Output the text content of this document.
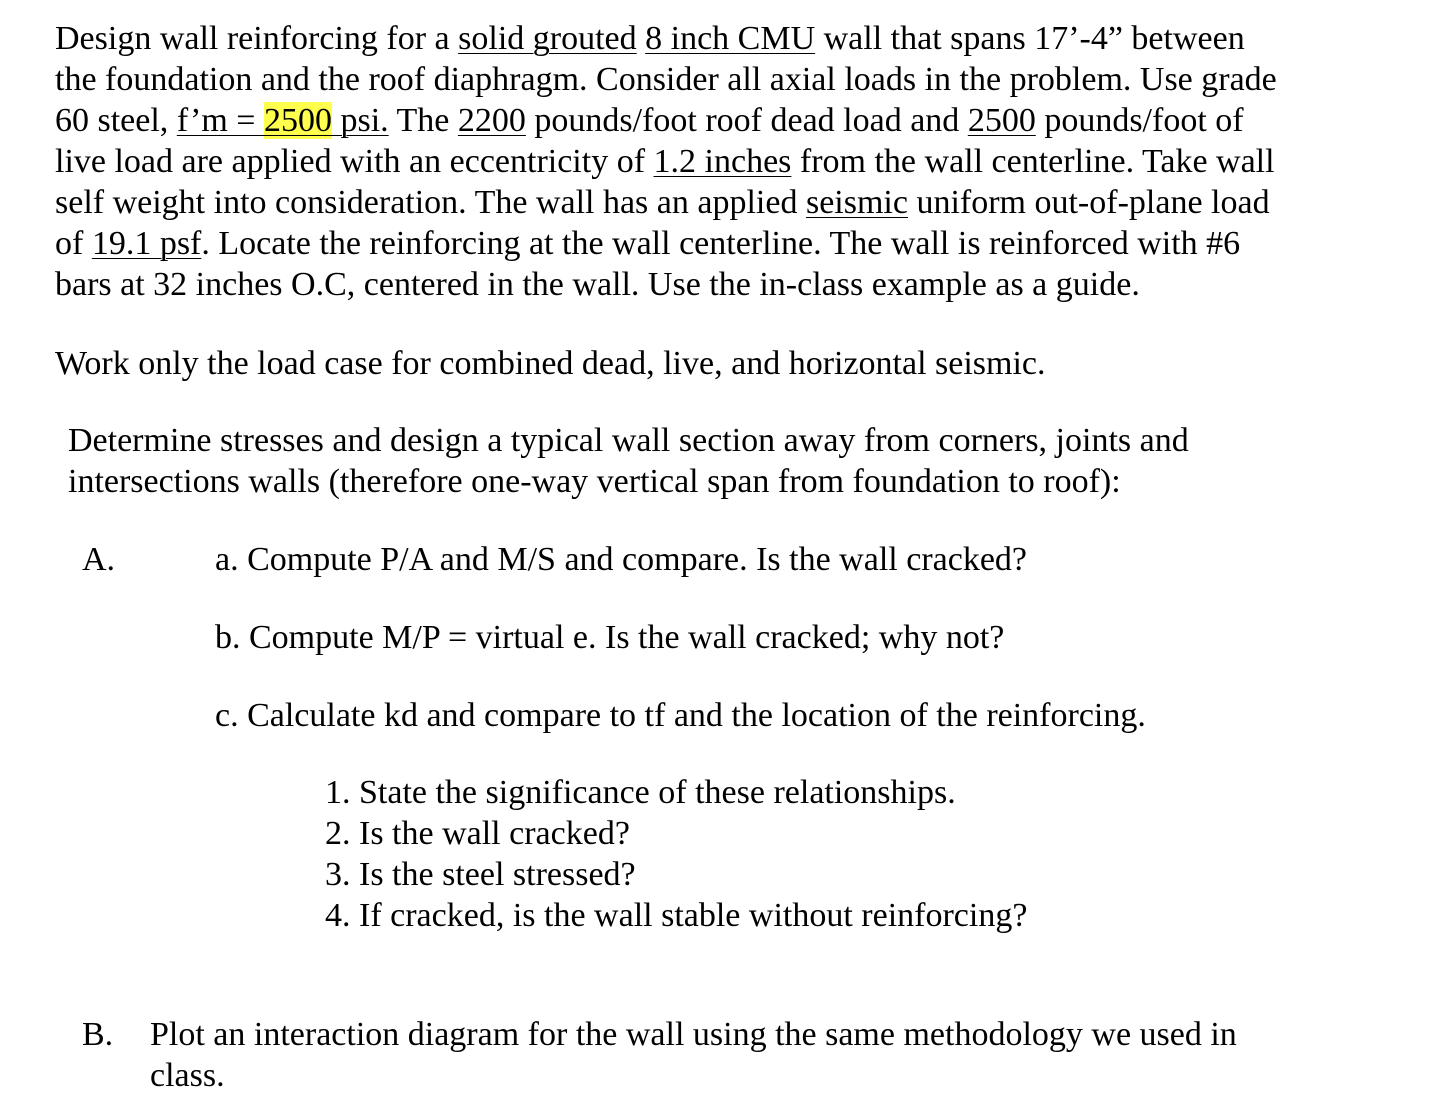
Design wall reinforcing for a solid grouted 8 inch CMU wall that spans 17’-4” between
the foundation and the roof diaphragm. Consider all axial loads in the problem. Use grade
60 steel, f’m = 2500 psi. The 2200 pounds/foot roof dead load and 2500 pounds/foot of
live load are applied with an eccentricity of 1.2 inches from the wall centerline. Take wall
self weight into consideration. The wall has an applied seismic uniform out-of-plane load
of 19.1 psf. Locate the reinforcing at the wall centerline. The wall is reinforced with #6
bars at 32 inches O.C, centered in the wall. Use the in-class example as a guide.
Work only the load case for combined dead, live, and horizontal seismic.
Determine stresses and design a typical wall section away from corners, joints and
intersections walls (therefore one-way vertical span from foundation to roof):
A.	a. Compute P/A and M/S and compare. Is the wall cracked?
b. Compute M/P = virtual e. Is the wall cracked; why not?
c. Calculate kd and compare to tf and the location of the reinforcing.
1. State the significance of these relationships.
2. Is the wall cracked?
3. Is the steel stressed?
4. If cracked, is the wall stable without reinforcing?
B. Plot an interaction diagram for the wall using the same methodology we used in
class.
